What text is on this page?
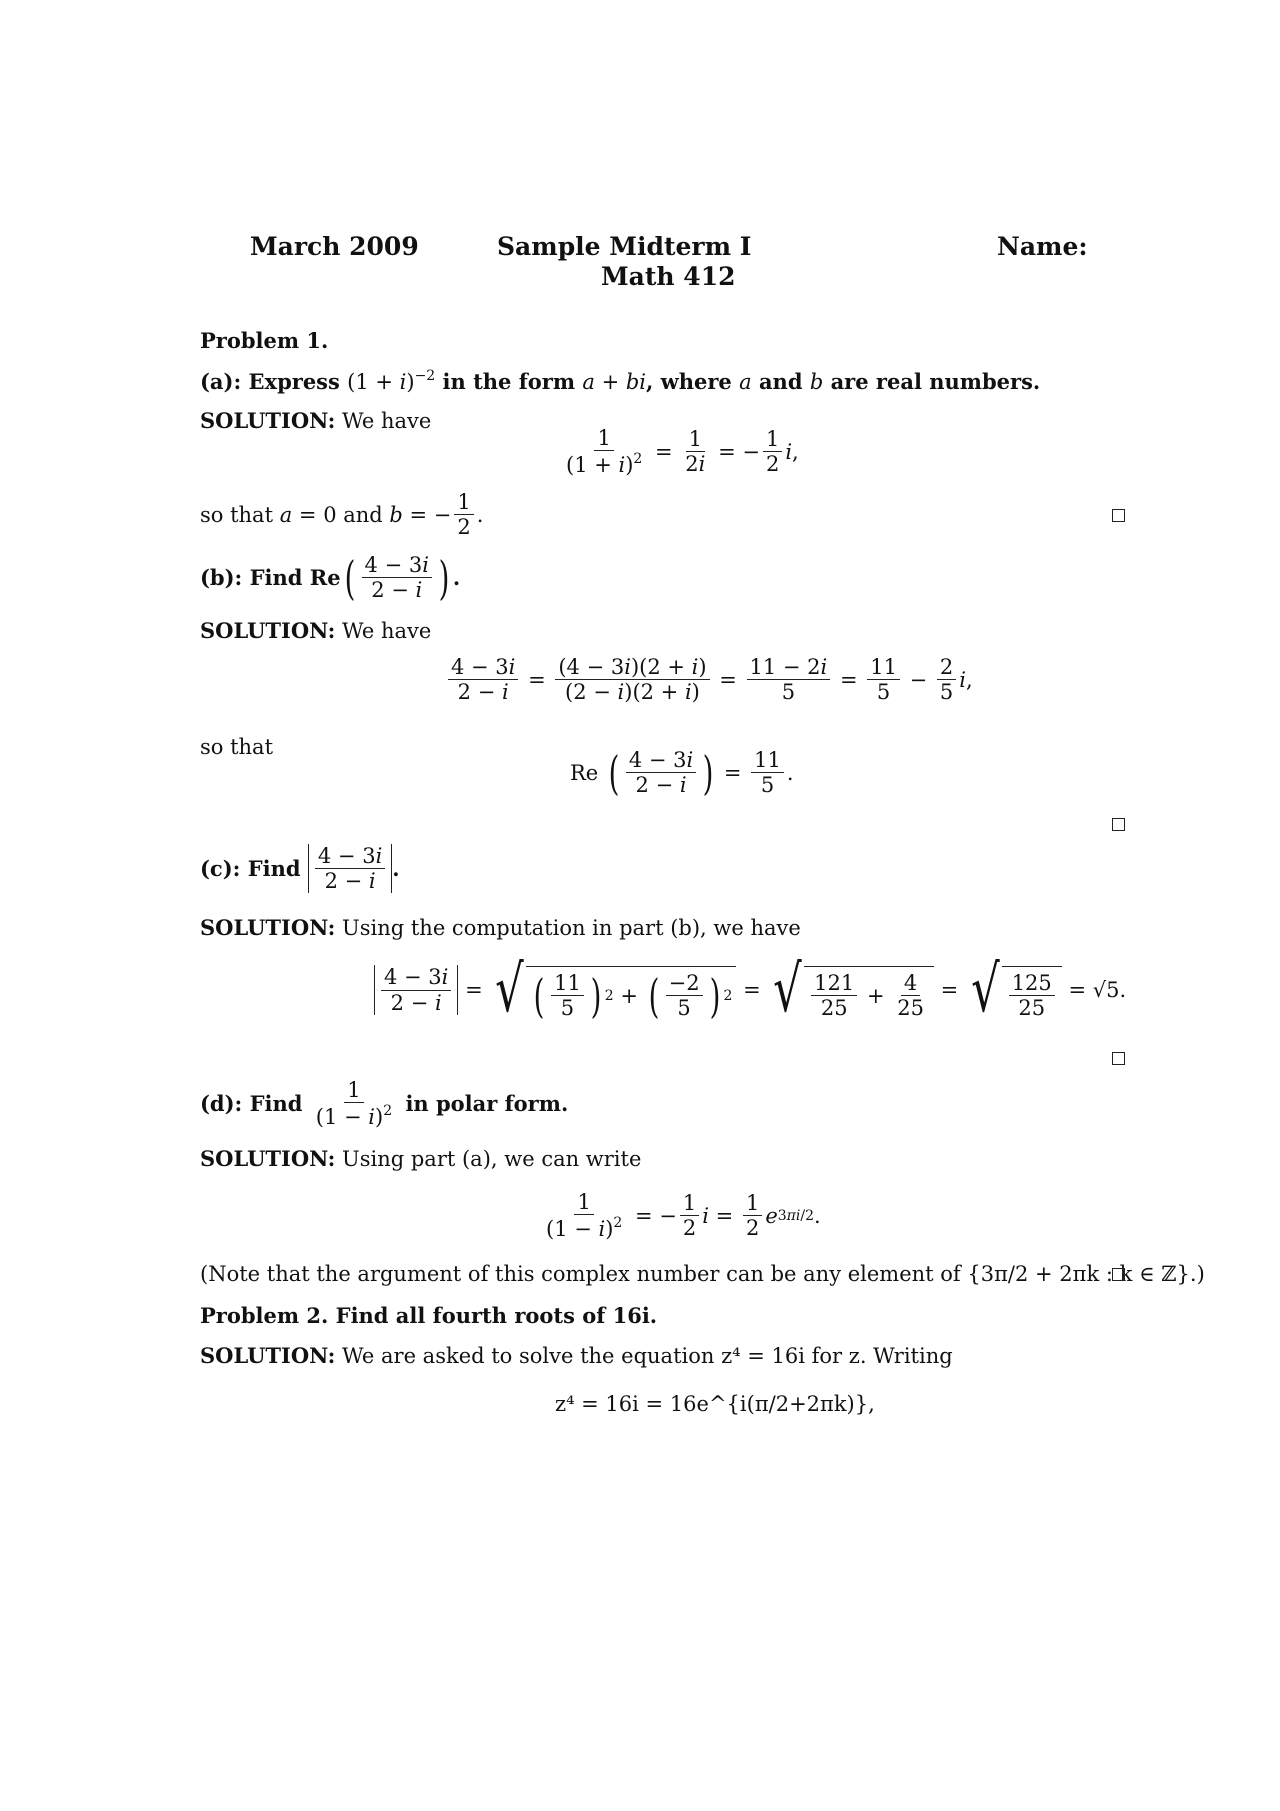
March 2009	Sample Midterm I
Math 412
Name:
Problem 1.
(a): Express $(1 + i)^{-2}$ in the form a + bi, where a and b are real numbers.
SOLUTION: We have
$\frac{1}{(1 + i)^2} = \frac{1}{2i}$ = − $\frac{1}{2}$ i ,
so that
a = 0 and b = − $\frac{1}{2}$ .
(b):
Find Re ( $\frac{4 - 3i}{2 - i}$ ) .
SOLUTION: We have
$\frac{4 - 3i}{2 - i} = \frac{(4 - 3i)(2 + i)}{(2 - i)(2 + i)} = \frac{11 - 2i}{5} = \frac{11}{5} - \frac{2}{5}$ i ,
so that
Re ( $\frac{4 - 3i}{2 - i}$ ) = $\frac{11}{5}$ .
(c):
Find
$\frac{4 - 3i}{2 - i}$ .
SOLUTION: Using the computation in part (b), we have
$\frac{4 - 3i}{2 - i}$ = √ ( $\frac{11}{5}$ ) 2 + ( $\frac{-2}{5}$ ) 2 = √ $\frac{121}{25} + \frac{4}{25}$ = √ $\frac{125}{25} = √5$.
(d):
Find
$\frac{1}{(1 - i)^2}$
in polar form.
SOLUTION: Using part (a), we can write
$\frac{1}{(1 - i)^2}$ = − $\frac{1}{2}$ $i = \frac{1}{2}$ e 3πi/2 .
(Note that the argument of this complex number can be any element of {3π/2 + 2πk : k ∈ ℤ}.)
Problem 2. Find all fourth roots of 16i.
SOLUTION: We are asked to solve the equation z⁴ = 16i for z. Writing
z⁴ = 16i = 16e^{i(π/2+2πk)},
